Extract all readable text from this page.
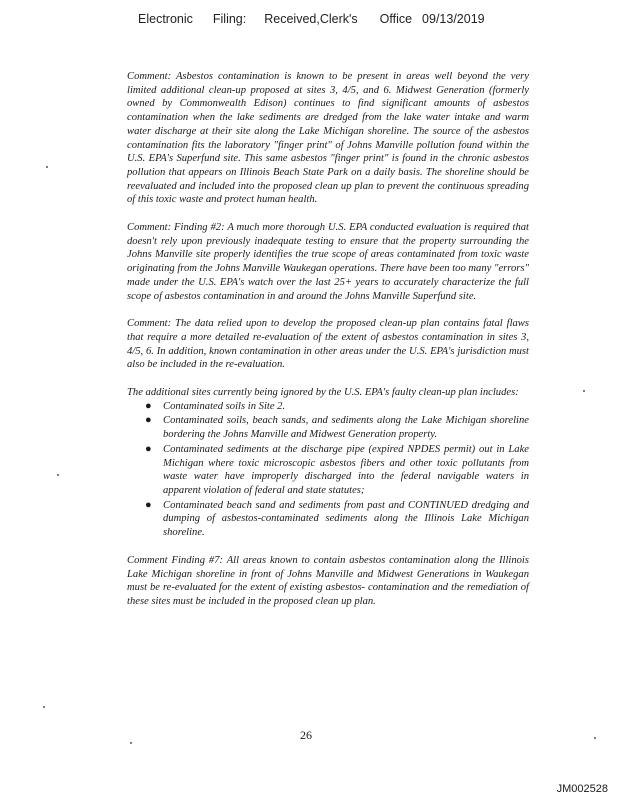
Electronic Filing: Received,Clerk's Office 09/13/2019

Comment: Asbestos contamination is known to be present in areas well beyond the very limited additional clean-up proposed at sites 3, 4/5, and 6. Midwest Generation (formerly owned by Commonwealth Edison) continues to find significant amounts of asbestos contamination when the lake sediments are dredged from the lake water intake and warm water discharge at their site along the Lake Michigan shoreline. The source of the asbestos contamination fits the laboratory "finger print" of Johns Manville pollution found within the U.S. EPA's Superfund site. This same asbestos "finger print" is found in the chronic asbestos pollution that appears on Illinois Beach State Park on a daily basis. The shoreline should be reevaluated and included into the proposed clean up plan to prevent the continuous spreading of this toxic waste and protect human health.

Comment: Finding #2: A much more thorough U.S. EPA conducted evaluation is required that doesn't rely upon previously inadequate testing to ensure that the property surrounding the Johns Manville site properly identifies the true scope of areas contaminated from toxic waste originating from the Johns Manville Waukegan operations. There have been too many "errors" made under the U.S. EPA's watch over the last 25+ years to accurately characterize the full scope of asbestos contamination in and around the Johns Manville Superfund site.

Comment: The data relied upon to develop the proposed clean-up plan contains fatal flaws that require a more detailed re-evaluation of the extent of asbestos contamination in sites 3, 4/5, 6. In addition, known contamination in other areas under the U.S. EPA's jurisdiction must also be included in the re-evaluation.

The additional sites currently being ignored by the U.S. EPA's faulty clean-up plan includes:

● Contaminated soils in Site 2.
● Contaminated soils, beach sands, and sediments along the Lake Michigan shoreline bordering the Johns Manville and Midwest Generation property.
● Contaminated sediments at the discharge pipe (expired NPDES permit) out in Lake Michigan where toxic microscopic asbestos fibers and other toxic pollutants from waste water have improperly discharged into the federal navigable waters in apparent violation of federal and state statutes;
● Contaminated beach sand and sediments from past and CONTINUED dredging and dumping of asbestos-contaminated sediments along the Illinois Lake Michigan shoreline.

Comment Finding #7: All areas known to contain asbestos contamination along the Illinois Lake Michigan shoreline in front of Johns Manville and Midwest Generations in Waukegan must be re-evaluated for the extent of existing asbestos- contamination and the remediation of these sites must be included in the proposed clean up plan.

26
JM002528
